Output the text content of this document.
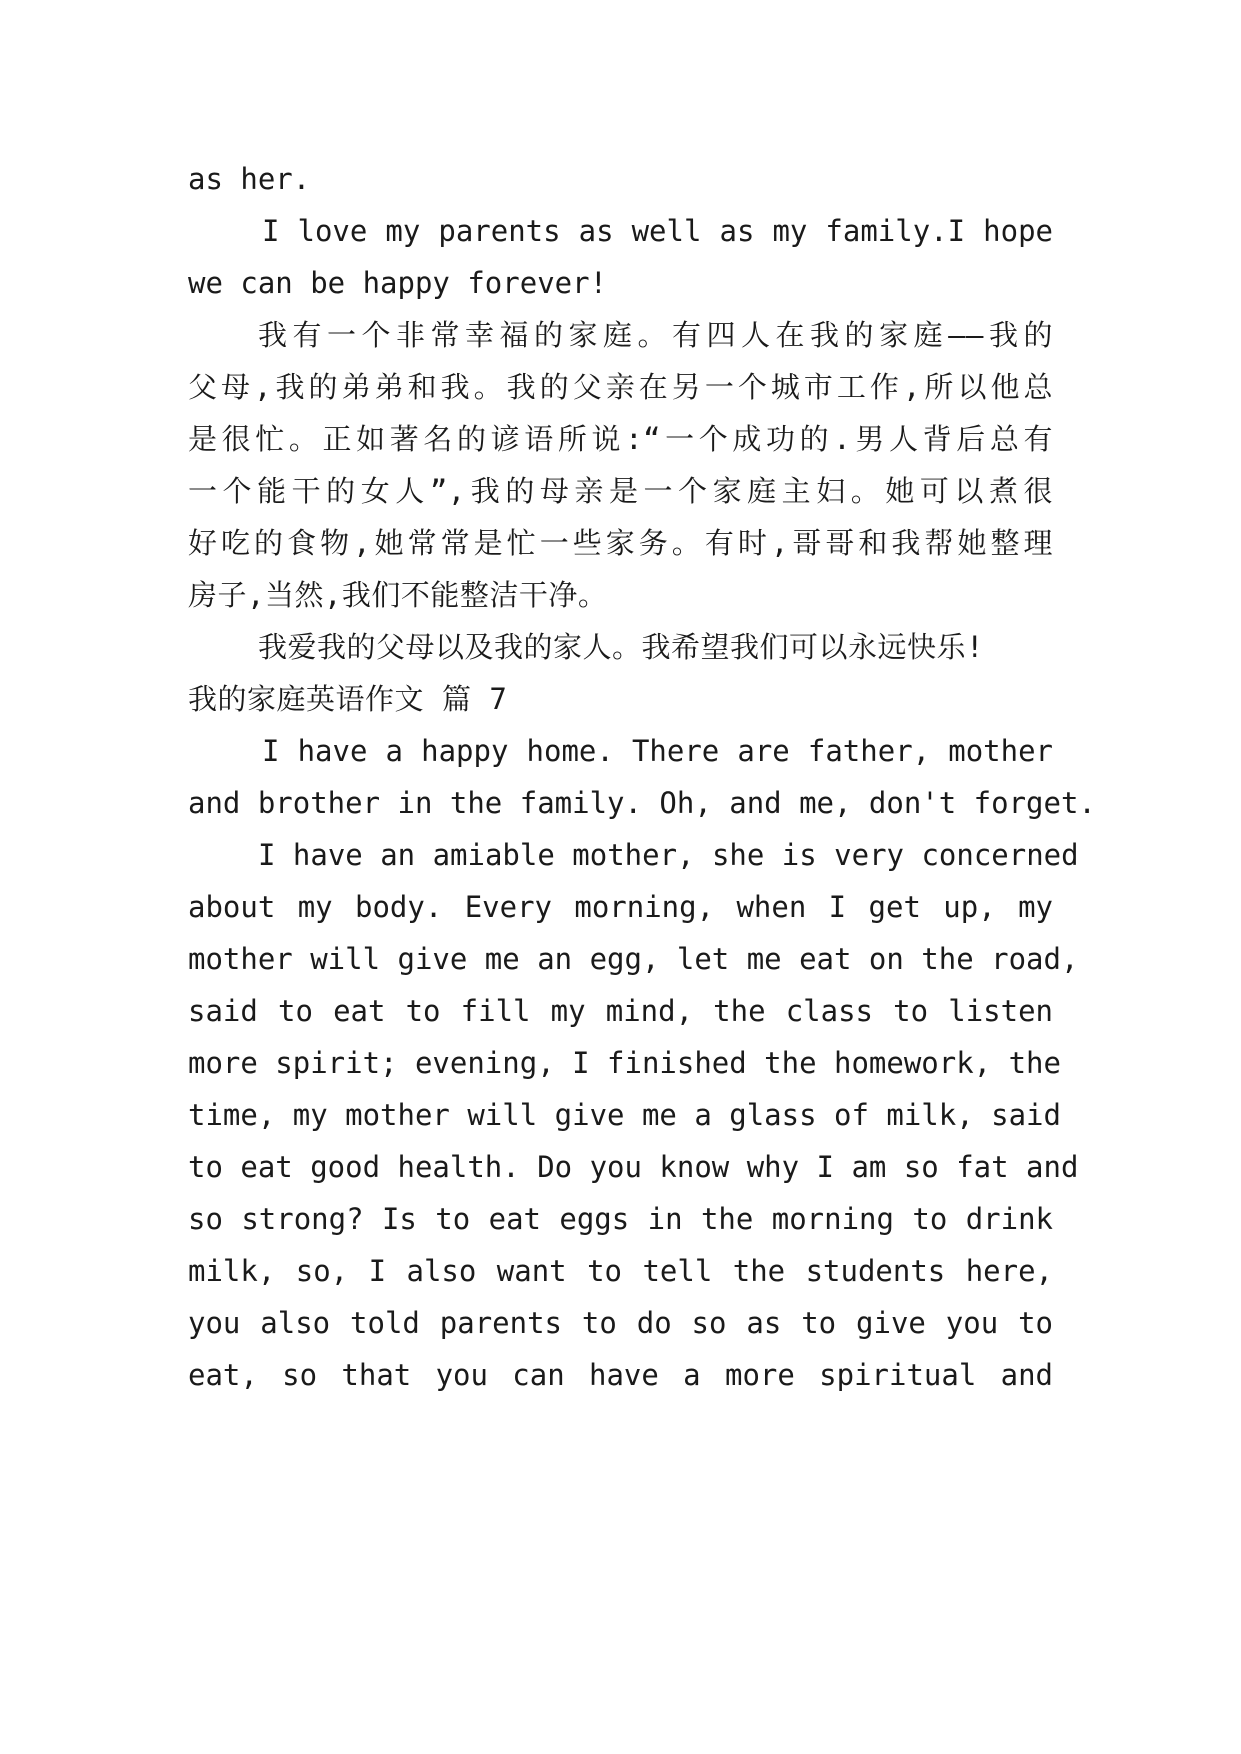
as her.
I love my parents as well as my family.I hope
we can be happy forever!
我有一个非常幸福的家庭。有四人在我的家庭——我的
父母,我的弟弟和我。我的父亲在另一个城市工作,所以他总
是很忙。正如著名的谚语所说:“一个成功的.男人背后总有
一个能干的女人”,我的母亲是一个家庭主妇。她可以煮很
好吃的食物,她常常是忙一些家务。有时,哥哥和我帮她整理
房子,当然,我们不能整洁干净。
我爱我的父母以及我的家人。我希望我们可以永远快乐!
我的家庭英语作文 篇 7
I have a happy home. There are father, mother
and brother in the family. Oh, and me, don't forget.
I have an amiable mother, she is very concerned
about my body. Every morning, when I get up, my
mother will give me an egg, let me eat on the road,
said to eat to fill my mind, the class to listen
more spirit; evening, I finished the homework, the
time, my mother will give me a glass of milk, said
to eat good health. Do you know why I am so fat and
so strong? Is to eat eggs in the morning to drink
milk, so, I also want to tell the students here,
you also told parents to do so as to give you to
eat, so that you can have a more spiritual and
